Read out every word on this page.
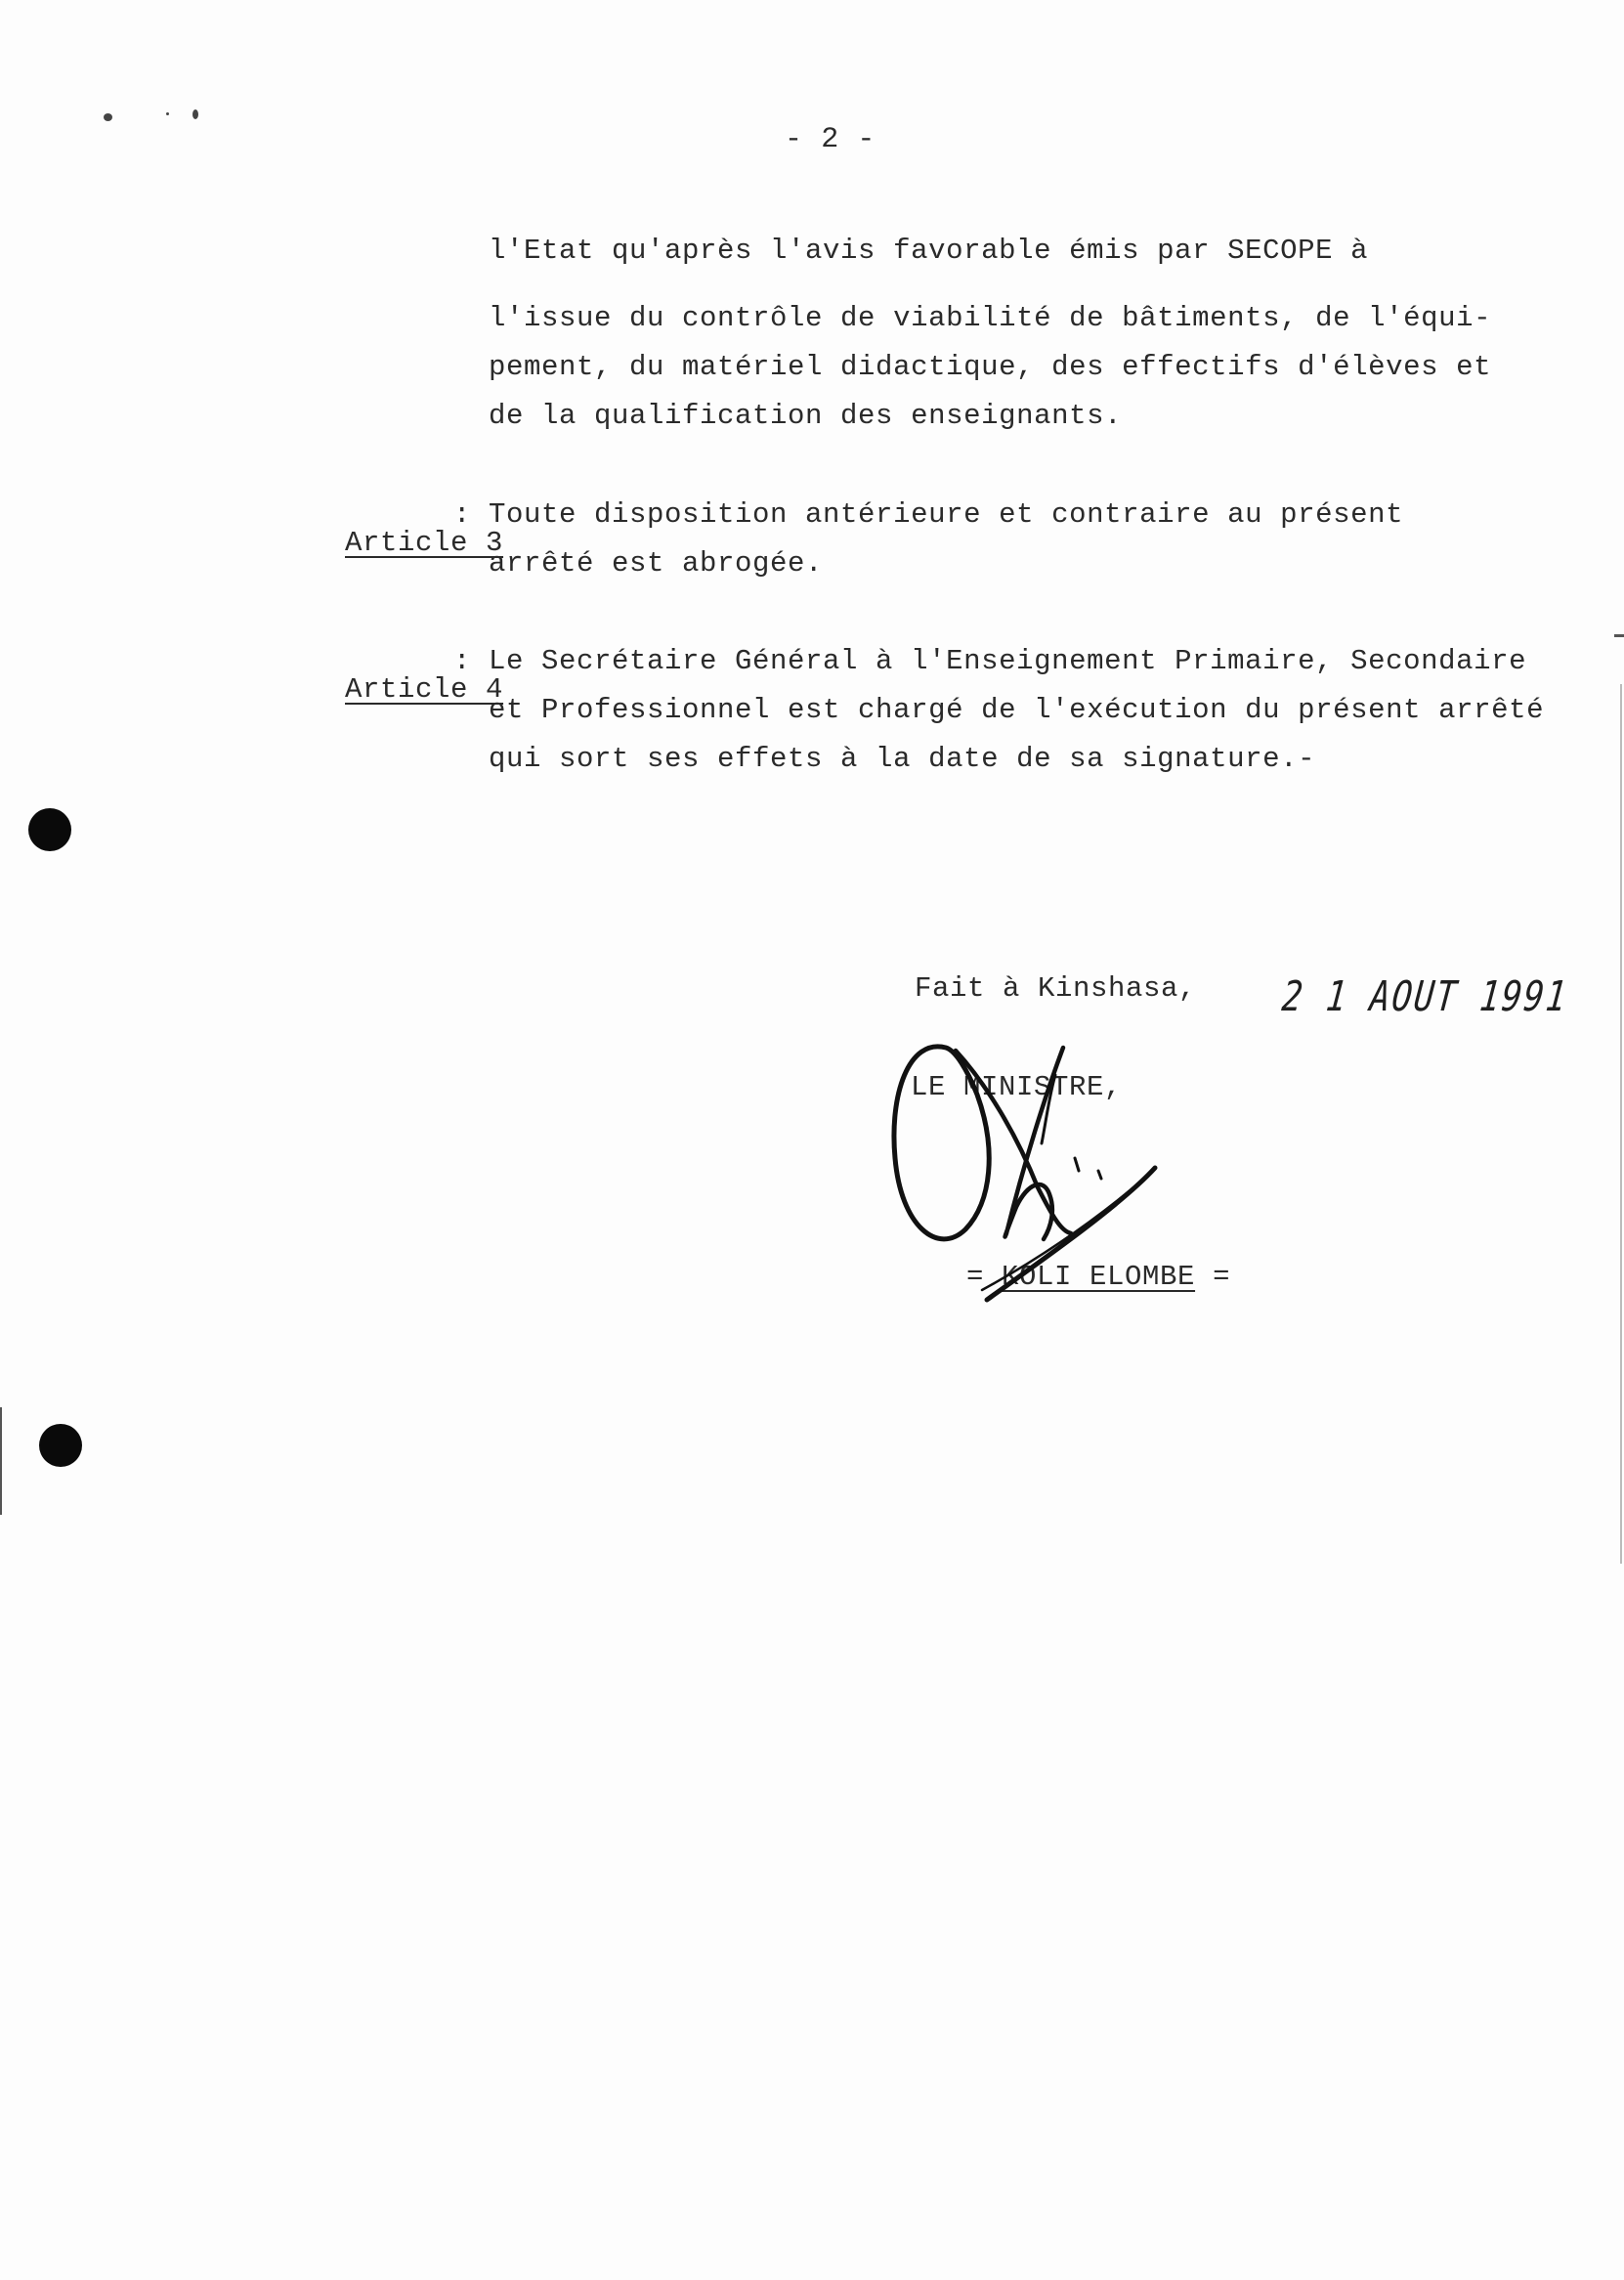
- 2 -
l'Etat qu'après l'avis favorable émis par SECOPE à
l'issue du contrôle de viabilité de bâtiments, de l'équi-
pement, du matériel didactique, des effectifs d'élèves et
de la qualification des enseignants.

Article 3

: Toute disposition antérieure et contraire au présent
arrêté est abrogée.

Article 4

: Le Secrétaire Général à l'Enseignement Primaire, Secondaire
et Professionnel est chargé de l'exécution du présent arrêté
qui sort ses effets à la date de sa signature.-
Fait à Kinshasa,	2 1 AOUT 1991
LE MINISTRE,

= KOLI ELOMBE =
